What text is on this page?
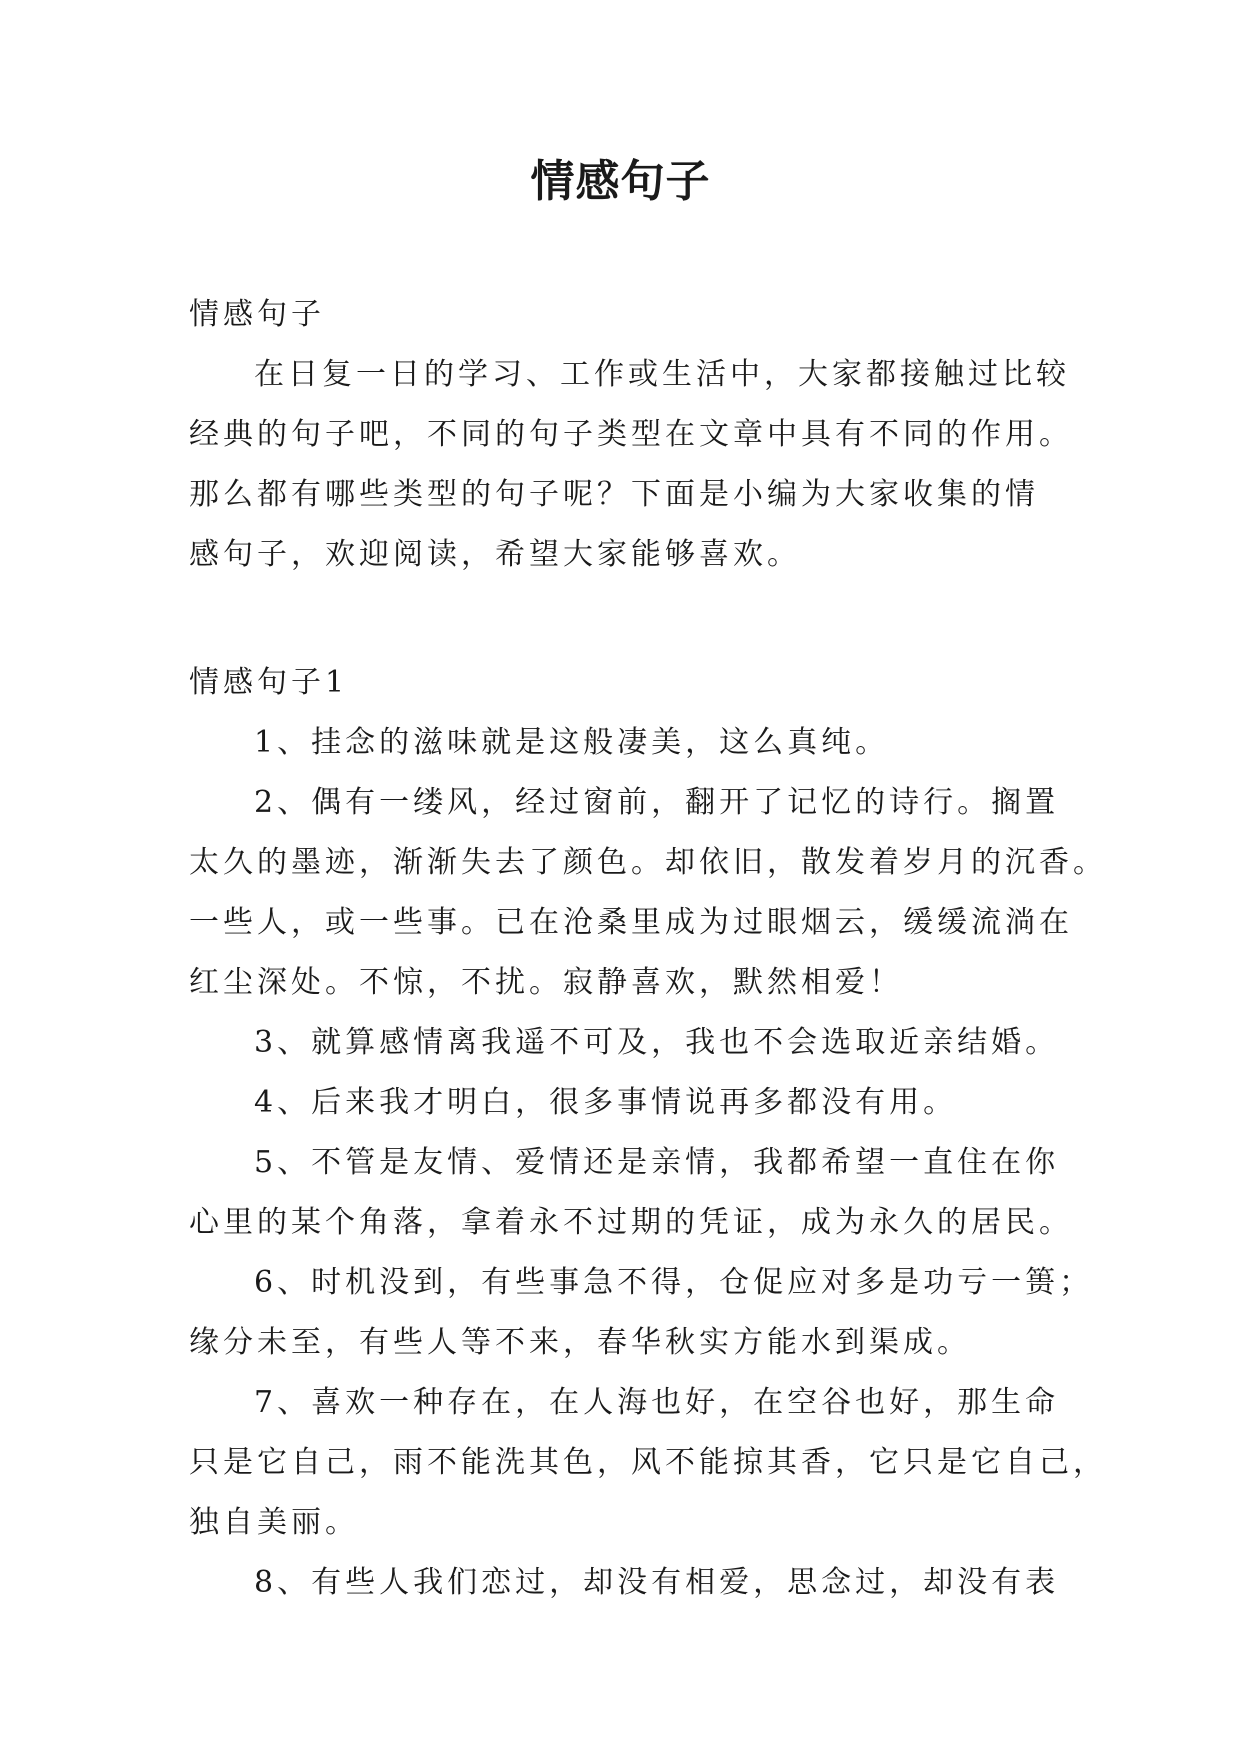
情感句子
情感句子
在日复一日的学习、工作或生活中，大家都接触过比较
经典的句子吧，不同的句子类型在文章中具有不同的作用。
那么都有哪些类型的句子呢？下面是小编为大家收集的情
感句子，欢迎阅读，希望大家能够喜欢。
情感句子1
1、挂念的滋味就是这般凄美，这么真纯。
2、偶有一缕风，经过窗前，翻开了记忆的诗行。搁置
太久的墨迹，渐渐失去了颜色。却依旧，散发着岁月的沉香。
一些人，或一些事。已在沧桑里成为过眼烟云，缓缓流淌在
红尘深处。不惊，不扰。寂静喜欢，默然相爱！
3、就算感情离我遥不可及，我也不会选取近亲结婚。
4、后来我才明白，很多事情说再多都没有用。
5、不管是友情、爱情还是亲情，我都希望一直住在你
心里的某个角落，拿着永不过期的凭证，成为永久的居民。
6、时机没到，有些事急不得，仓促应对多是功亏一篑；
缘分未至，有些人等不来，春华秋实方能水到渠成。
7、喜欢一种存在，在人海也好，在空谷也好，那生命
只是它自己，雨不能洗其色，风不能掠其香，它只是它自己，
独自美丽。
8、有些人我们恋过，却没有相爱，思念过，却没有表
